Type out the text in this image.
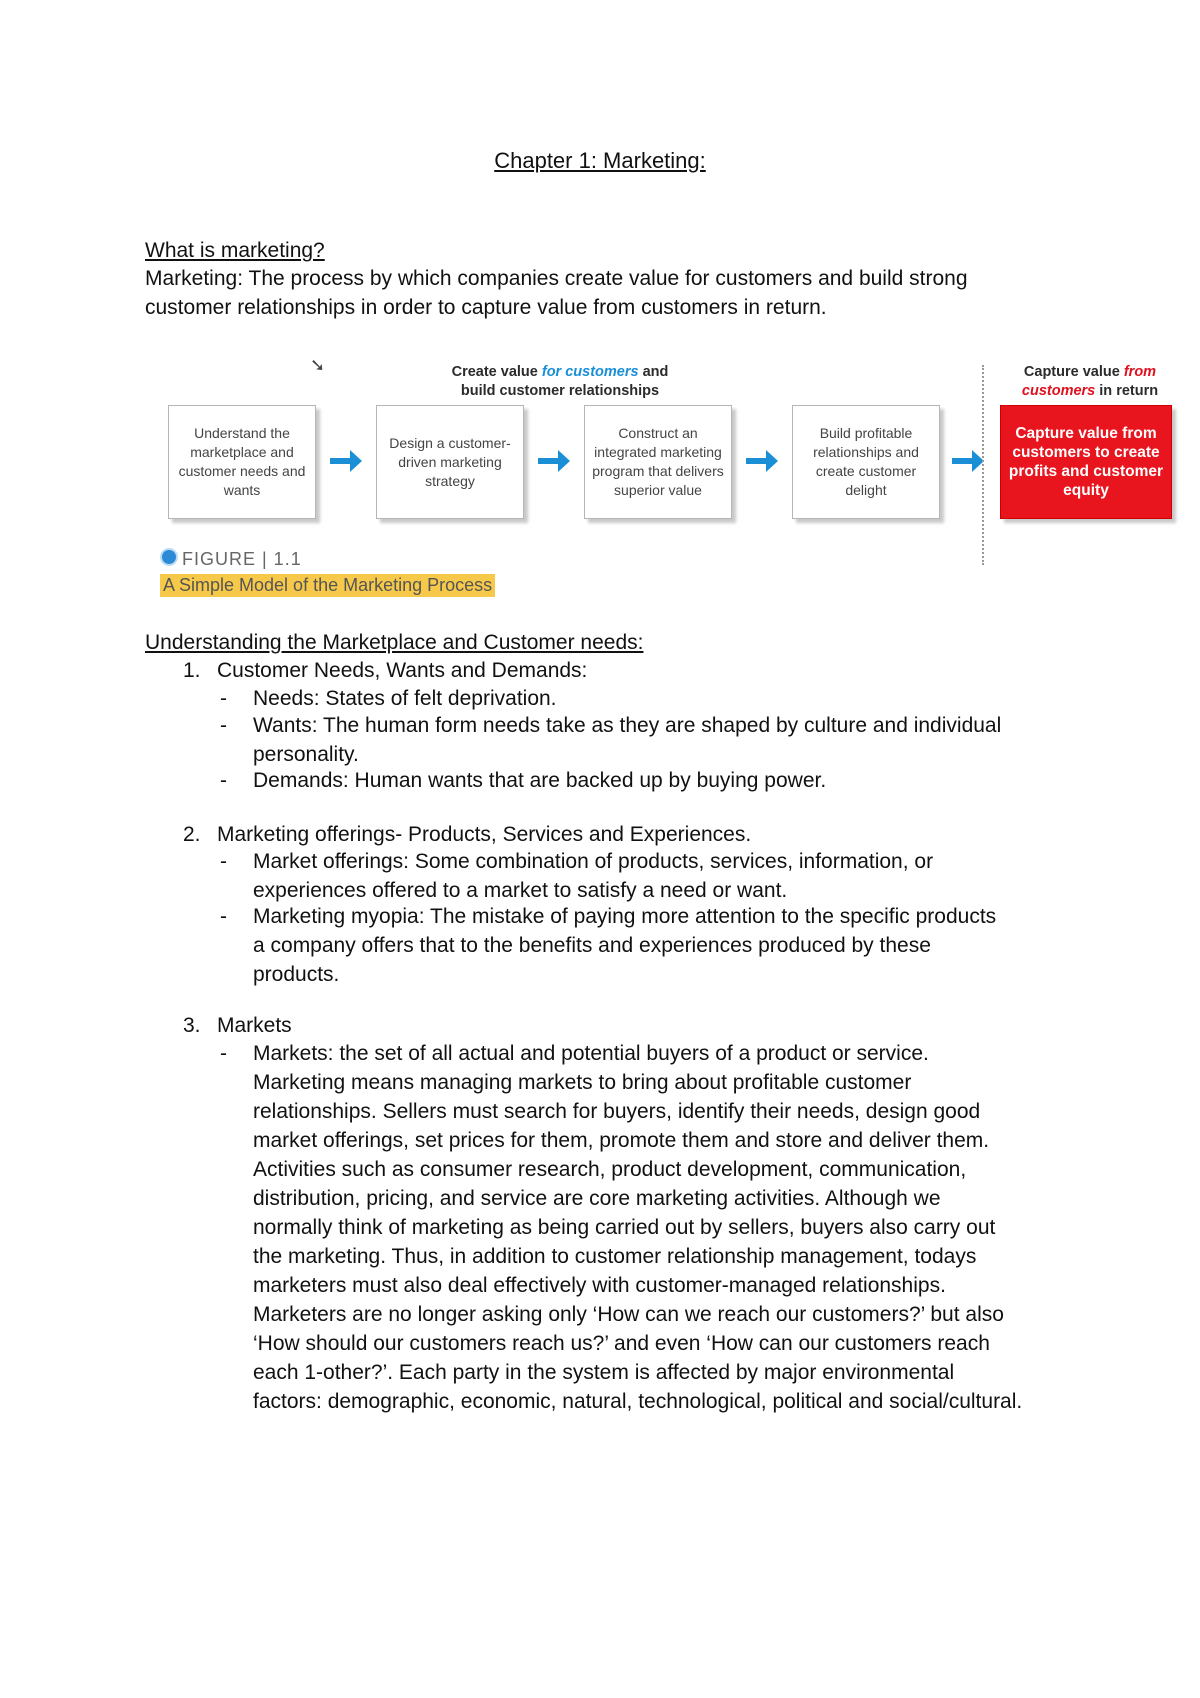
Chapter 1: Marketing:
What is marketing?
Marketing: The process by which companies create value for customers and build strong customer relationships in order to capture value from customers in return.
➘	Create value for customers and
build customer relationships
Capture value from
customers in return
Understand the marketplace and customer needs and wants
Design a customer-driven marketing strategy
Construct an integrated marketing program that delivers superior value
Build profitable relationships and create customer delight
Capture value from customers to create profits and customer equity
FIGURE | 1.1
A Simple Model of the Marketing Process
Understanding the Marketplace and Customer needs:
1. Customer Needs, Wants and Demands:
- Needs: States of felt deprivation.
- Wants: The human form needs take as they are shaped by culture and individual personality.
- Demands: Human wants that are backed up by buying power.
2. Marketing offerings- Products, Services and Experiences.
- Market offerings: Some combination of products, services, information, or experiences offered to a market to satisfy a need or want.
- Marketing myopia: The mistake of paying more attention to the specific products a company offers that to the benefits and experiences produced by these products.
3. Markets
- Markets: the set of all actual and potential buyers of a product or service. Marketing means managing markets to bring about profitable customer relationships. Sellers must search for buyers, identify their needs, design good market offerings, set prices for them, promote them and store and deliver them. Activities such as consumer research, product development, communication, distribution, pricing, and service are core marketing activities. Although we normally think of marketing as being carried out by sellers, buyers also carry out the marketing. Thus, in addition to customer relationship management, todays marketers must also deal effectively with customer-managed relationships. Marketers are no longer asking only ‘How can we reach our customers?’ but also ‘How should our customers reach us?’ and even ‘How can our customers reach each 1-other?’. Each party in the system is affected by major environmental factors: demographic, economic, natural, technological, political and social/cultural.
